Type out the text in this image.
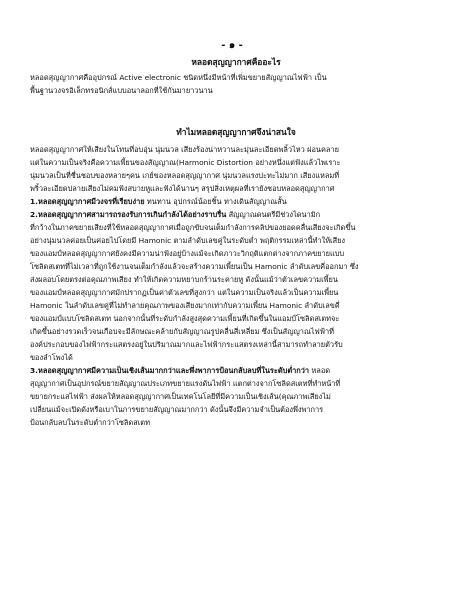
- ๑ -

หลอดสุญญากาศคืออะไร

หลอดสุญญากาศคืออุปกรณ์ Active electronic ชนิดหนึ่งมีหน้าที่เพิ่มขยายสัญญาณไฟฟ้า เป็น
พื้นฐานวงจรอิเล็กทรอนิกส์แบบอนาลอกที่ใช้กันมายาวนาน

ทำไมหลอดสุญญากาศจึงน่าสนใจ

หลอดสุญญากาศให้เสียงในโทนที่อบอุ่น นุ่มนวล เสียงร้องน่าหวานละมุ่นละเอียดพลิ้วไหว ผ่อนคลาย
แต่ในความเป็นจริงคือความเพี้ยนของสัญญาณ(Harmonic Distortion อย่างหนึ่งแต่ฟังแล้วไพเราะ
นุ่มนวลเป็นที่ชื่นชอบของหลายๆคน เกย์ของหลอดสุญญากาศ นุ่มนวลแรงปะทะไม่มาก เสียงแหลมที่
พริ้วละเอียดปลายเสียงไม่คมฟังสบายหูและฟังได้นานๆ สรุปสิ่งเหตุผลที่เรายังชอบหลอดสุญญากาศ

1.หลอดสุญญากาศมีวงจรที่เรียบง่าย ทนทาน อุปกรณ์น้อยชิ้น ทางเดินสัญญาณสั้น

2.หลอดสุญญากาศสามารถรองรับการเกินกำลังได้อย่างราบรื่น สัญญาณดนตรีมีช่วงไดนามิก
ที่กว้างในภาคขยายเสียงที่ใช้หลอดสุญญากาศเมื่อถูกขับจนเต็มกำลังการคลิปของยอดคลื่นเสียงจะเกิดขึ้น
อย่างนุ่มนวลค่อยเป็นค่อยไปโดยมี Hamonic ตามลำดับเลขคู่ในระดับต่ำ พฤติกรรมเหล่านี้ทำให้เสียง
ของแอมป์หลอดสุญญากาศยังคงมีความน่าฟังอยู่บ้างแม้จะเกิดภาวะวิกฤติแตกต่างจากภาคขยายแบบ
โซลิดสเตทที่ไม่เวลาที่ถูกใช้งานจนเต็มกำลังแล้วจะสร้างความเพี้ยนเป็น Hamonic ลำดับเลขคี่ออกมา ซึ่ง
ส่งผลอบโดยตรงต่อคุณภาพเสียง ทำให้เกิดความหยาบกร้านระคายหู ดังนั้นแม้ว่าตัวเลขความเพี้ยน
ของแอมป์หลอดสุญญากาศมักปรากฏเป็นค่าตัวเลขที่สูงกว่า แต่ในความเป็นจริงแล้วเป็นความเพี้ยน
Hamonic ในลำดับเลขคู่ที่ไม่ทำลายคุณภาพของเสียงมากเท่ากับความเพี้ยน Hamonic ลำดับเลขคี่
ของแอมป์แบบโซลิดสเตท นอกจากนั้นที่ระดับกำลังสูงสุดความเพี้ยนที่เกิดขึ้นในแอมป์โซลิดสเตทจะ
เกิดขึ้นอย่างรวดเร็วจนเกือบจะมีลักษณะคล้ายกับสัญญาณรูปคลื่นสี่เหลี่ยม ซึ่งเป็นสัญญาณไฟฟ้าที่
องค์ประกอบของไฟฟ้ากระแสตรงอยู่ในปริมาณมากและไฟฟ้ากระแสตรงเหล่านี้สามารถทำลายตัวรับ
ของลำโพงได้

3.หลอดสุญญากาศมีความเป็นเชิงเส้นมากกว่าและพึ่งพาการป้อนกลับลบที่ในระดับต่ำกว่า หลอด
สุญญากาศเป็นอุปกรณ์ขยายสัญญาณประเภทขยายแรงดันไฟฟ้า แตกต่างจากโซลิดสเตทที่ทำหน้าที่
ขยายกระแสไฟฟ้า ส่งผลให้หลอดสุญญากาศเป็นเทคโนโลยีที่มีความเป็นเชิงเส้น(คุณภาพเสียงไม่
เปลี่ยนแม้จะเปิดดังหรือเบาในการขยายสัญญาณมากกว่า ดังนั้นจึงมีความจำเป็นต้องพึ่งพาการ
ป้อนกลับลบในระดับต่ำกว่าโซลิดสเตท
